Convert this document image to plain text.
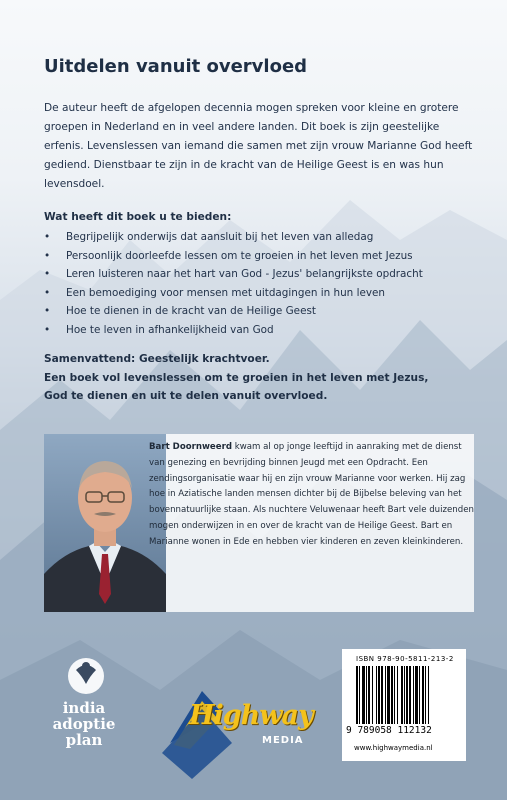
Uitdelen vanuit overvloed
De auteur heeft de afgelopen decennia mogen spreken voor kleine en grotere groepen in Nederland en in veel andere landen. Dit boek is zijn geestelijke erfenis. Levenslessen van iemand die samen met zijn vrouw Marianne God heeft gediend. Dienstbaar te zijn in de kracht van de Heilige Geest is en was hun levensdoel.
Wat heeft dit boek u te bieden:
• Begrijpelijk onderwijs dat aansluit bij het leven van alledag
• Persoonlijk doorleefde lessen om te groeien in het leven met Jezus
• Leren luisteren naar het hart van God - Jezus' belangrijkste opdracht
• Een bemoediging voor mensen met uitdagingen in hun leven
• Hoe te dienen in de kracht van de Heilige Geest
• Hoe te leven in afhankelijkheid van God
Samenvattend: Geestelijk krachtvoer.
Een boek vol levenslessen om te groeien in het leven met Jezus,
God te dienen en uit te delen vanuit overvloed.
Bart Doornweerd kwam al op jonge leeftijd in aanraking met de dienst van genezing en bevrijding binnen Jeugd met een Opdracht. Een zendingsorganisatie waar hij en zijn vrouw Marianne voor werken. Hij zag hoe in Aziatische landen mensen dichter bij de Bijbelse beleving van het bovennatuurlijke staan. Als nuchtere Veluwenaar heeft Bart vele duizenden mogen onderwijzen in en over de kracht van de Heilige Geest. Bart en Marianne wonen in Ede en hebben vier kinderen en zeven kleinkinderen.
india
adoptie
plan
Highway
MEDIA
ISBN 978-90-5811-213-2
9 789058 112132
www.highwaymedia.nl
